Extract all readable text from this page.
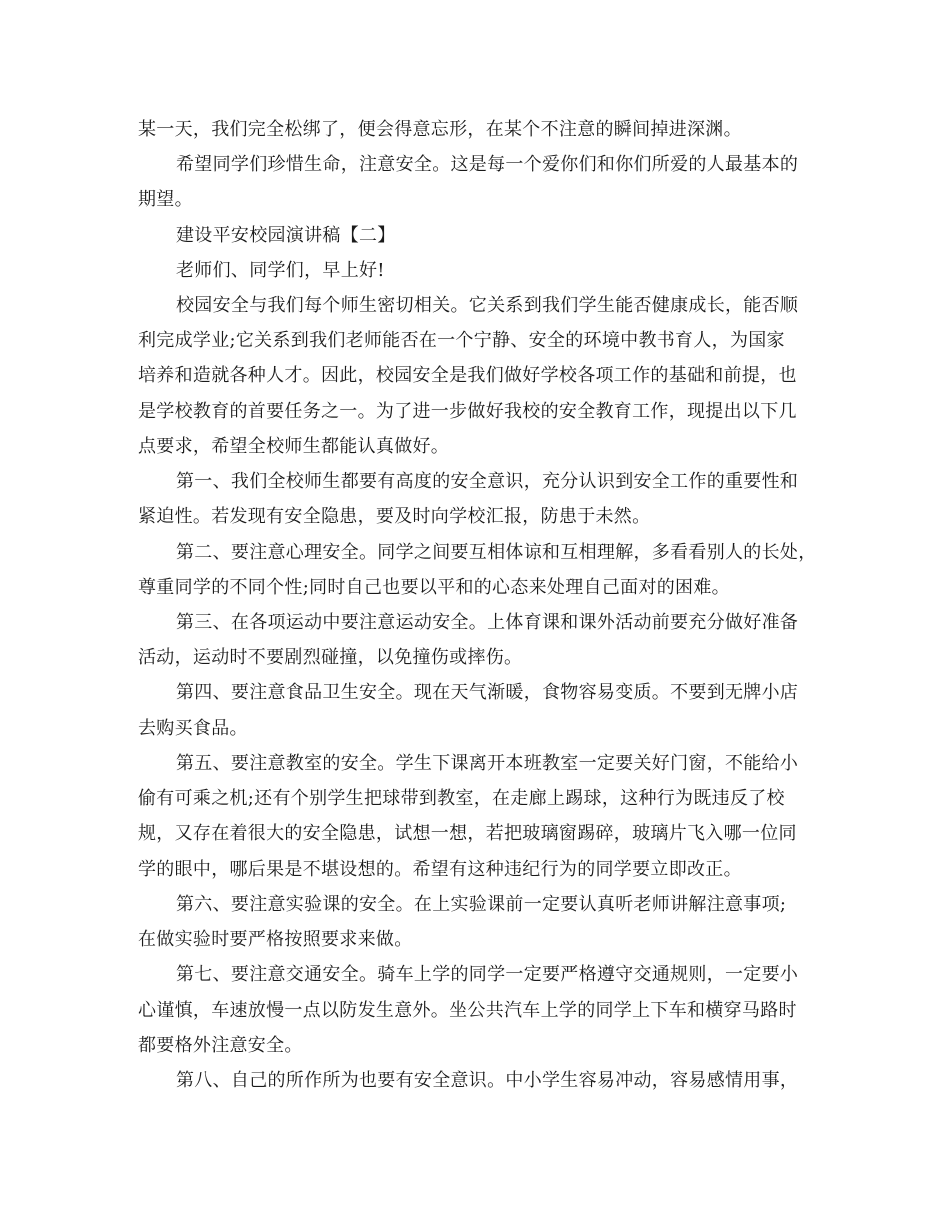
某一天，我们完全松绑了，便会得意忘形，在某个不注意的瞬间掉进深渊。
希望同学们珍惜生命，注意安全。这是每一个爱你们和你们所爱的人最基本的
期望。
建设平安校园演讲稿【二】
老师们、同学们，早上好!
校园安全与我们每个师生密切相关。它关系到我们学生能否健康成长，能否顺
利完成学业;它关系到我们老师能否在一个宁静、安全的环境中教书育人，为国家
培养和造就各种人才。因此，校园安全是我们做好学校各项工作的基础和前提，也
是学校教育的首要任务之一。为了进一步做好我校的安全教育工作，现提出以下几
点要求，希望全校师生都能认真做好。
第一、我们全校师生都要有高度的安全意识，充分认识到安全工作的重要性和
紧迫性。若发现有安全隐患，要及时向学校汇报，防患于未然。
第二、要注意心理安全。同学之间要互相体谅和互相理解，多看看别人的长处，
尊重同学的不同个性;同时自己也要以平和的心态来处理自己面对的困难。
第三、在各项运动中要注意运动安全。上体育课和课外活动前要充分做好准备
活动，运动时不要剧烈碰撞，以免撞伤或摔伤。
第四、要注意食品卫生安全。现在天气渐暖，食物容易变质。不要到无牌小店
去购买食品。
第五、要注意教室的安全。学生下课离开本班教室一定要关好门窗，不能给小
偷有可乘之机;还有个别学生把球带到教室，在走廊上踢球，这种行为既违反了校
规，又存在着很大的安全隐患，试想一想，若把玻璃窗踢碎，玻璃片飞入哪一位同
学的眼中，哪后果是不堪设想的。希望有这种违纪行为的同学要立即改正。
第六、要注意实验课的安全。在上实验课前一定要认真听老师讲解注意事项;
在做实验时要严格按照要求来做。
第七、要注意交通安全。骑车上学的同学一定要严格遵守交通规则，一定要小
心谨慎，车速放慢一点以防发生意外。坐公共汽车上学的同学上下车和横穿马路时
都要格外注意安全。
第八、自己的所作所为也要有安全意识。中小学生容易冲动，容易感情用事，
